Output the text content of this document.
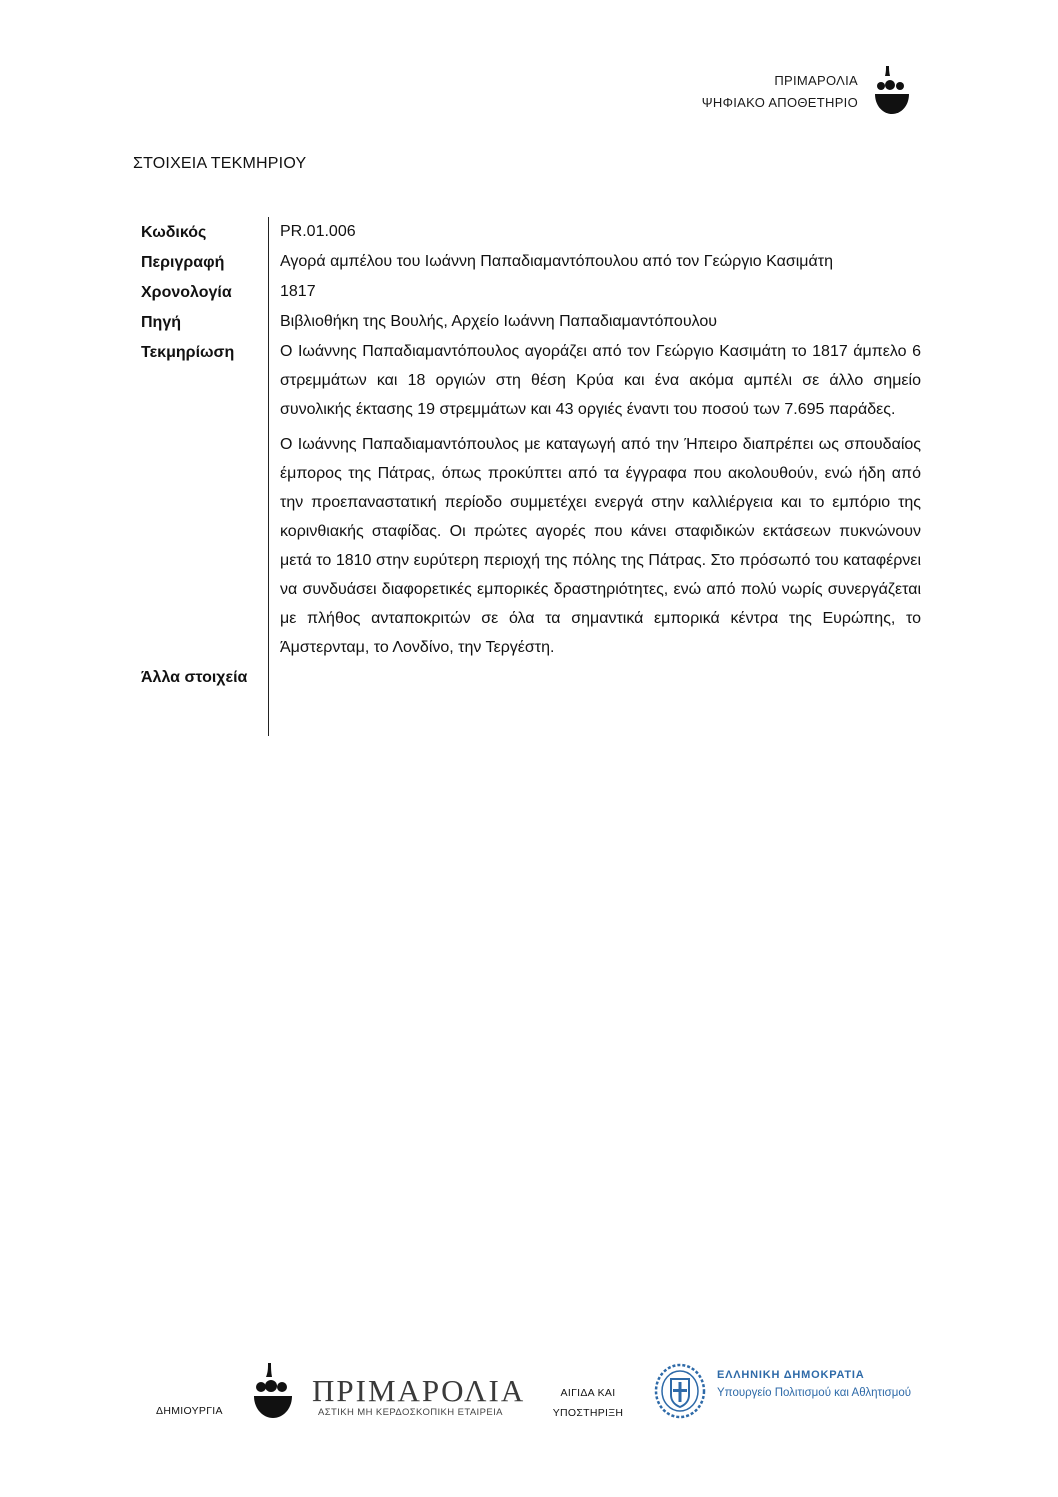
ΠΡΙΜΑΡΟΛΙΑ
ΨΗΦΙΑΚΟ ΑΠΟΘΕΤΗΡΙΟ
ΣΤΟΙΧΕΙΑ ΤΕΚΜΗΡΙΟΥ
Κωδικός	PR.01.006
Περιγραφή	Αγορά αμπέλου του Ιωάννη Παπαδιαμαντόπουλου από τον Γεώργιο Κασιμάτη
Χρονολογία	1817
Πηγή	Βιβλιοθήκη της Βουλής, Αρχείο Ιωάννη Παπαδιαμαντόπουλου
Τεκμηρίωση	Ο Ιωάννης Παπαδιαμαντόπουλος αγοράζει από τον Γεώργιο Κασιμάτη το 1817 άμπελο 6 στρεμμάτων και 18 οργιών στη θέση Κρύα και ένα ακόμα αμπέλι σε άλλο σημείο συνολικής έκτασης 19 στρεμμάτων και 43 οργιές έναντι του ποσού των 7.695 παράδες.

Ο Ιωάννης Παπαδιαμαντόπουλος με καταγωγή από την Ήπειρο διαπρέπει ως σπουδαίος έμπορος της Πάτρας, όπως προκύπτει από τα έγγραφα που ακολουθούν, ενώ ήδη από την προεπαναστατική περίοδο συμμετέχει ενεργά στην καλλιέργεια και το εμπόριο της κορινθιακής σταφίδας. Οι πρώτες αγορές που κάνει σταφιδικών εκτάσεων πυκνώνουν μετά το 1810 στην ευρύτερη περιοχή της πόλης της Πάτρας. Στο πρόσωπό του καταφέρνει να συνδυάσει διαφορετικές εμπορικές δραστηριότητες, ενώ από πολύ νωρίς συνεργάζεται με πλήθος ανταποκριτών σε όλα τα σημαντικά εμπορικά κέντρα της Ευρώπης, το Άμστερνταμ, το Λονδίνο, την Τεργέστη.

Άλλα στοιχεία
ΔΗΜΙΟΥΡΓΙΑ
ΠΡΙΜΑΡΟΛΙΑ
ΑΣΤΙΚΗ ΜΗ ΚΕΡΔΟΣΚΟΠΙΚΗ ΕΤΑΙΡΕΙΑ
ΑΙΓΙΔΑ ΚΑΙ
ΥΠΟΣΤΗΡΙΞΗ
ΕΛΛΗΝΙΚΗ ΔΗΜΟΚΡΑΤΙΑ
Υπουργείο Πολιτισμού και Αθλητισμού
